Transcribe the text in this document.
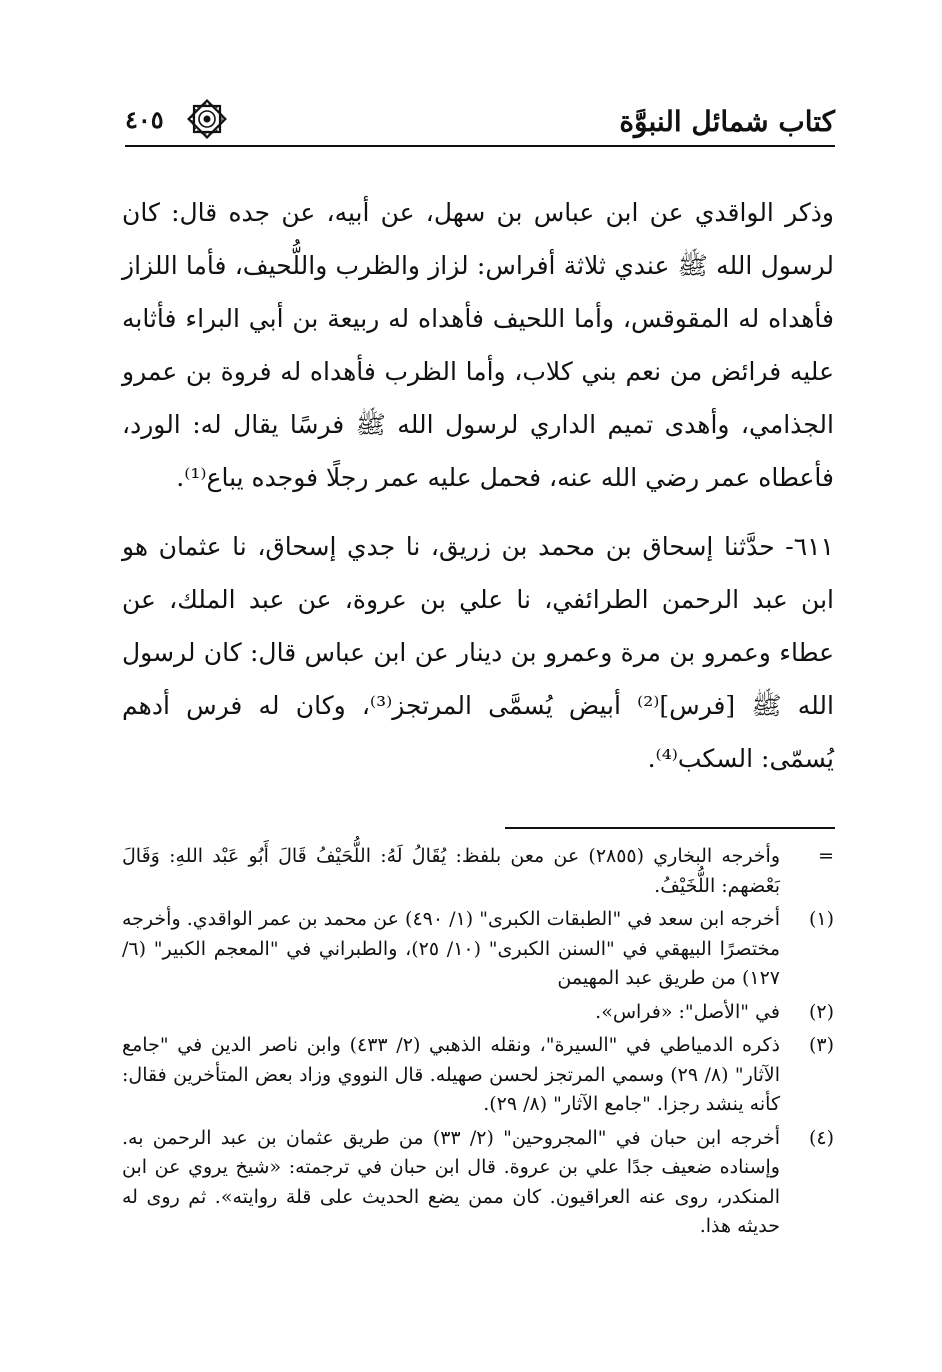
كتاب شمائل النبوَّة
٤٠٥

وذكر الواقدي عن ابن عباس بن سهل، عن أبيه، عن جده قال: كان لرسول الله ﷺ عندي ثلاثة أفراس: لزاز والظرب واللُّحيف، فأما اللزاز فأهداه له المقوقس، وأما اللحيف فأهداه له ربيعة بن أبي البراء فأثابه عليه فرائض من نعم بني كلاب، وأما الظرب فأهداه له فروة بن عمرو الجذامي، وأهدى تميم الداري لرسول الله ﷺ فرسًا يقال له: الورد، فأعطاه عمر رضي الله عنه، فحمل عليه عمر رجلًا فوجده يباع⁽¹⁾.

٦١١- حدَّثنا إسحاق بن محمد بن زريق، نا جدي إسحاق، نا عثمان هو ابن عبد الرحمن الطرائفي، نا علي بن عروة، عن عبد الملك، عن عطاء وعمرو بن مرة وعمرو بن دينار عن ابن عباس قال: كان لرسول الله ﷺ [فرس]⁽²⁾ أبيض يُسمَّى المرتجز⁽³⁾، وكان له فرس أدهم يُسمّى: السكب⁽⁴⁾.

=
وأخرجه البخاري (٢٨٥٥) عن معن بلفظ: يُقَالُ لَهُ: اللُّحَيْفُ قَالَ أَبُو عَبْد اللهِ: وَقَالَ بَعْضهم: اللُّخَيْفُ.
(١)
أخرجه ابن سعد في "الطبقات الكبرى" (١/ ٤٩٠) عن محمد بن عمر الواقدي. وأخرجه مختصرًا البيهقي في "السنن الكبرى" (١٠/ ٢٥)، والطبراني في "المعجم الكبير" (٦/ ١٢٧) من طريق عبد المهيمن
(٢)
في "الأصل": «فراس».
(٣)
ذكره الدمياطي في "السيرة"، ونقله الذهبي (٢/ ٤٣٣) وابن ناصر الدين في "جامع الآثار" (٨/ ٢٩) وسمي المرتجز لحسن صهيله. قال النووي وزاد بعض المتأخرين فقال: كأنه ينشد رجزا. "جامع الآثار" (٨/ ٢٩).
(٤)
أخرجه ابن حبان في "المجروحين" (٢/ ٣٣) من طريق عثمان بن عبد الرحمن به. وإسناده ضعيف جدًا علي بن عروة. قال ابن حبان في ترجمته: «شيخ يروي عن ابن المنكدر، روى عنه العراقيون. كان ممن يضع الحديث على قلة روايته». ثم روى له حديثه هذا.
